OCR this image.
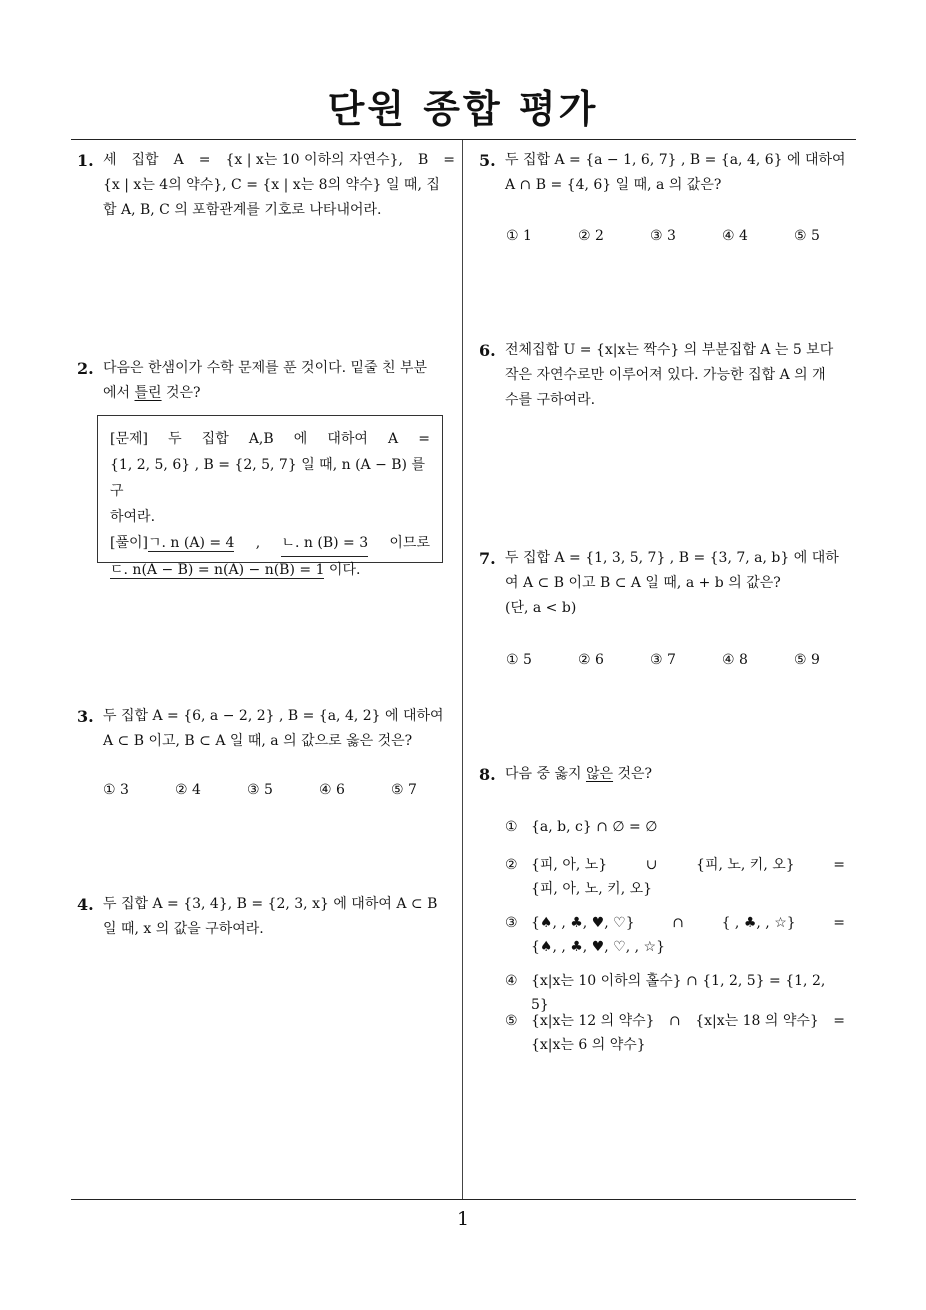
단원 종합 평가
1. 세 집합 A = {x | x는 10 이하의 자연수}, B =
{x | x는 4의 약수}, C = {x | x는 8의 약수} 일 때, 집
합 A, B, C 의 포함관계를 기호로 나타내어라.
2. 다음은 한샘이가 수학 문제를 푼 것이다. 밑줄 친 부분
에서 틀린 것은?
[문제] 두 집합 A,B 에 대하여 A =
{1, 2, 5, 6} , B = {2, 5, 7} 일 때, n (A − B) 를 구
하여라.
[풀이]ㄱ. n (A) = 4 , ㄴ. n (B) = 3 이므로
ㄷ. n(A − B) = n(A) − n(B) = 1 이다.
3. 두 집합 A = {6, a − 2, 2} , B = {a, 4, 2} 에 대하여
A ⊂ B 이고, B ⊂ A 일 때, a 의 값으로 옳은 것은?
① 3	② 4	③ 5	④ 6	⑤ 7
4. 두 집합 A = {3, 4}, B = {2, 3, x} 에 대하여 A ⊂ B
일 때, x 의 값을 구하여라.
5. 두 집합 A = {a − 1, 6, 7} , B = {a, 4, 6} 에 대하여
A ∩ B = {4, 6} 일 때, a 의 값은?
① 1	② 2	③ 3	④ 4	⑤ 5
6. 전체집합 U = {x|x는 짝수} 의 부분집합 A 는 5 보다
작은 자연수로만 이루어져 있다. 가능한 집합 A 의 개
수를 구하여라.
7. 두 집합 A = {1, 3, 5, 7} , B = {3, 7, a, b} 에 대하
여 A ⊂ B 이고 B ⊂ A 일 때, a + b 의 값은?
(단, a < b)
① 5	② 6	③ 7	④ 8	⑤ 9
8. 다음 중 옳지 않은 것은?
① {a, b, c} ∩ ∅ = ∅
② {피, 아, 노}	∪	{피, 노, 키, 오}	=
{피, 아, 노, 키, 오}
③ {♠, , ♣, ♥, ♡}	∩	{ , ♣, , ☆}	=
{♠, , ♣, ♥, ♡, , ☆}
④ {x|x는 10 이하의 홀수} ∩ {1, 2, 5} = {1, 2, 5}
⑤ {x|x는 12 의 약수} ∩ {x|x는 18 의 약수} =
{x|x는 6 의 약수}
1
